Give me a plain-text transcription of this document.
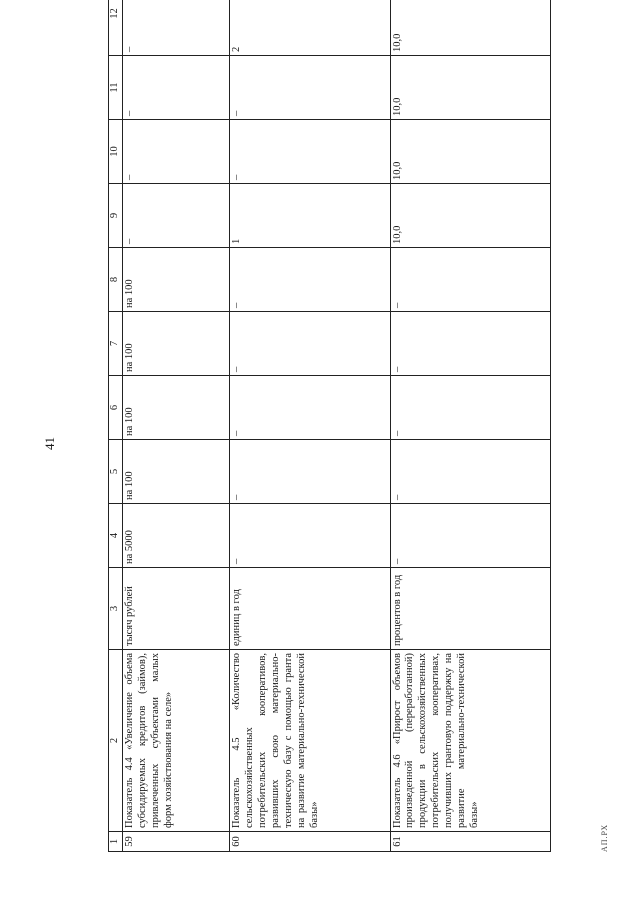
41
1	2	3	4	5	6	7	8	9	10	11	12
59	Показатель 4.4 «Увеличение объема субсидируемых кредитов (займов), привлеченных субъектами малых форм хозяйствования на селе»	тысяч рублей	на 5000	на 100	на 100	на 100	на 100	–	–	–	–
60	Показатель 4.5 «Количество сельскохозяйственных потребительских кооперативов, развивших свою материально-техническую базу с помощью гранта на развитие материально-технической базы»	единиц в год	–	–	–	–	–	1	–	–	2
61	Показатель 4.6 «Прирост объемов произведенной (переработанной) продукции в сельскохозяйственных потребительских кооперативах, получивших грантовую поддержку на развитие материально-технической базы»	процентов в год	–	–	–	–	–	10,0	10,0	10,0	10,0
АП.РХ
